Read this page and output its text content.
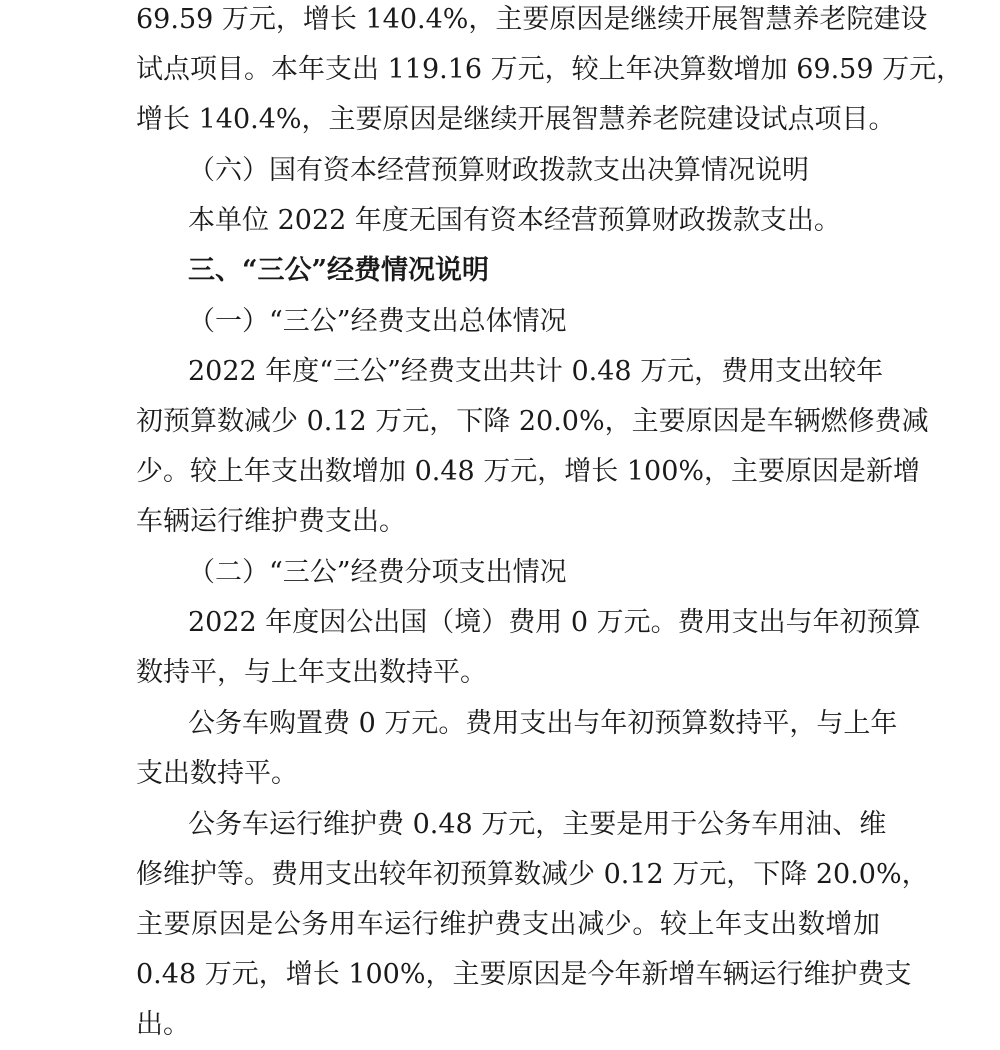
69.59 万元，增长 140.4%，主要原因是继续开展智慧养老院建设
试点项目。本年支出 119.16 万元，较上年决算数增加 69.59 万元，
增长 140.4%，主要原因是继续开展智慧养老院建设试点项目。
（六）国有资本经营预算财政拨款支出决算情况说明
本单位 2022 年度无国有资本经营预算财政拨款支出。
三、“三公”经费情况说明
（一）“三公”经费支出总体情况
2022 年度“三公”经费支出共计 0.48 万元，费用支出较年
初预算数减少 0.12 万元，下降 20.0%，主要原因是车辆燃修费减
少。较上年支出数增加 0.48 万元，增长 100%，主要原因是新增
车辆运行维护费支出。
（二）“三公”经费分项支出情况
2022 年度因公出国（境）费用 0 万元。费用支出与年初预算
数持平，与上年支出数持平。
公务车购置费 0 万元。费用支出与年初预算数持平，与上年
支出数持平。
公务车运行维护费 0.48 万元，主要是用于公务车用油、维
修维护等。费用支出较年初预算数减少 0.12 万元，下降 20.0%，
主要原因是公务用车运行维护费支出减少。较上年支出数增加
0.48 万元，增长 100%，主要原因是今年新增车辆运行维护费支
出。
